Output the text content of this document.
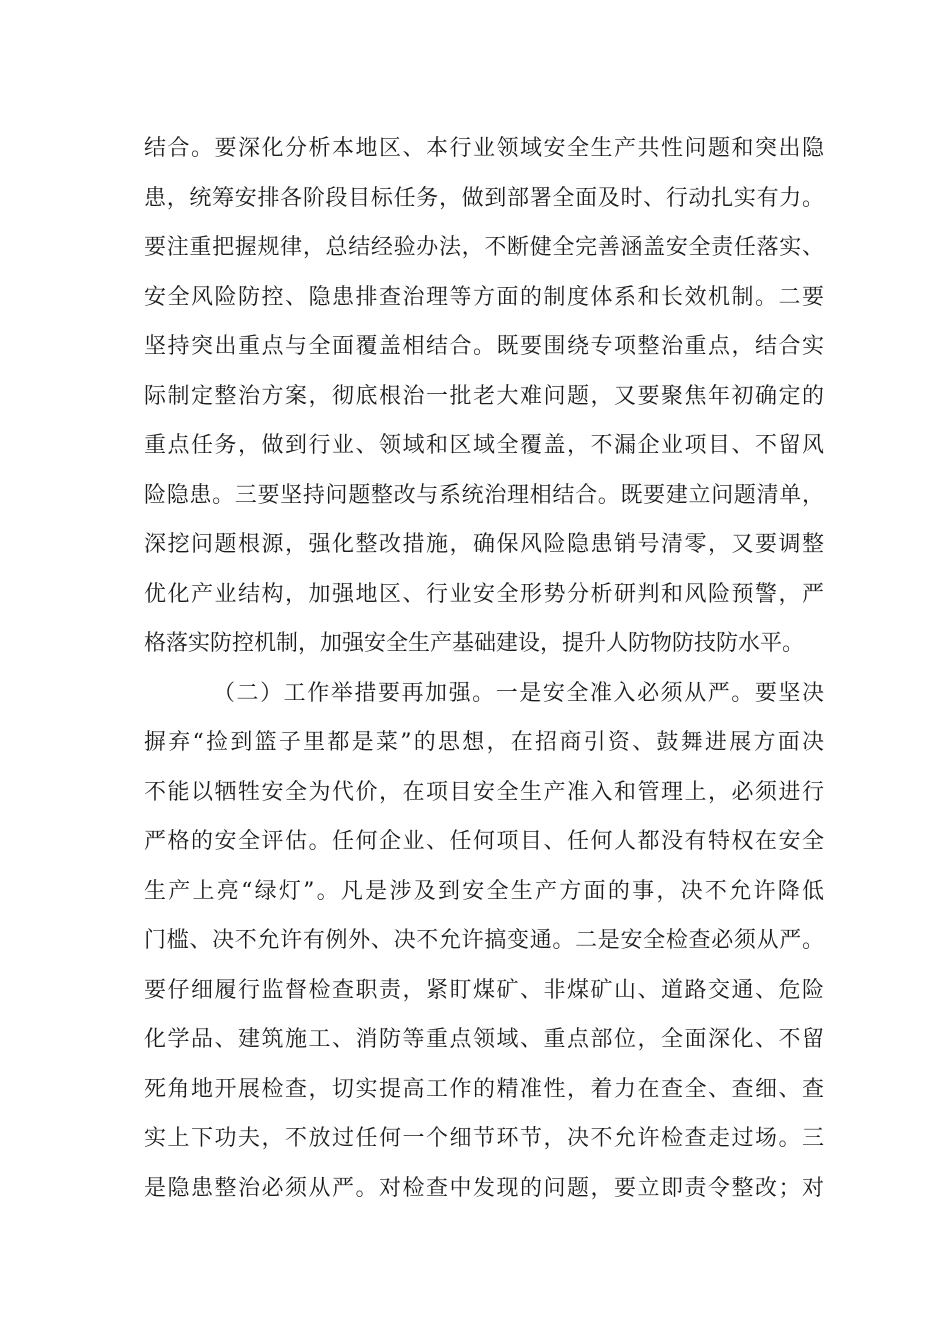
结合。要深化分析本地区、本行业领域安全生产共性问题和突出隐
患，统筹安排各阶段目标任务，做到部署全面及时、行动扎实有力。
要注重把握规律，总结经验办法，不断健全完善涵盖安全责任落实、
安全风险防控、隐患排查治理等方面的制度体系和长效机制。二要
坚持突出重点与全面覆盖相结合。既要围绕专项整治重点，结合实
际制定整治方案，彻底根治一批老大难问题，又要聚焦年初确定的
重点任务，做到行业、领域和区域全覆盖，不漏企业项目、不留风
险隐患。三要坚持问题整改与系统治理相结合。既要建立问题清单，
深挖问题根源，强化整改措施，确保风险隐患销号清零，又要调整
优化产业结构，加强地区、行业安全形势分析研判和风险预警，严
格落实防控机制，加强安全生产基础建设，提升人防物防技防水平。
（二）工作举措要再加强。一是安全准入必须从严。要坚决
摒弃“捡到篮子里都是菜”的思想，在招商引资、鼓舞进展方面决
不能以牺牲安全为代价，在项目安全生产准入和管理上，必须进行
严格的安全评估。任何企业、任何项目、任何人都没有特权在安全
生产上亮“绿灯”。凡是涉及到安全生产方面的事，决不允许降低
门槛、决不允许有例外、决不允许搞变通。二是安全检查必须从严。
要仔细履行监督检查职责，紧盯煤矿、非煤矿山、道路交通、危险
化学品、建筑施工、消防等重点领域、重点部位，全面深化、不留
死角地开展检查，切实提高工作的精准性，着力在查全、查细、查
实上下功夫，不放过任何一个细节环节，决不允许检查走过场。三
是隐患整治必须从严。对检查中发现的问题，要立即责令整改；对
